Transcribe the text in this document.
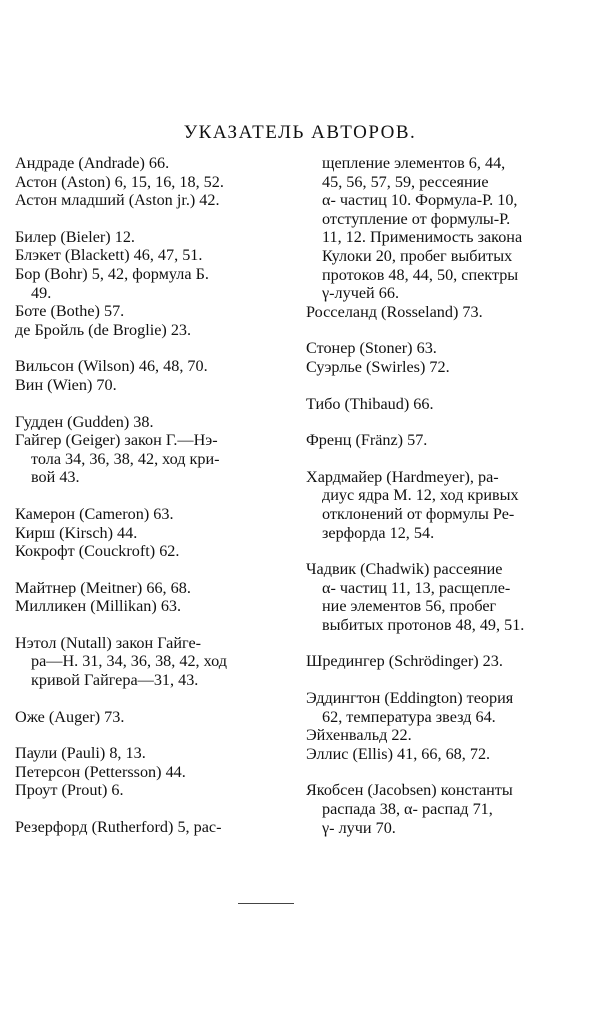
УКАЗАТЕЛЬ АВТОРОВ.
Андраде (Andrade) 66.
Астон (Aston) 6, 15, 16, 18, 52.
Астон младший (Aston jr.) 42.
Билер (Bieler) 12.
Блэкет (Blackett) 46, 47, 51.
Бор (Bohr) 5, 42, формула Б.
49.
Боте (Bothe) 57.
де Бройль (de Broglie) 23.
Вильсон (Wilson) 46, 48, 70.
Вин (Wien) 70.
Гудден (Gudden) 38.
Гайгер (Geiger) закон Г.—Нэ-
тола 34, 36, 38, 42, ход кри-
вой 43.
Камерон (Cameron) 63.
Кирш (Kirsch) 44.
Кокрофт (Couckroft) 62.
Майтнер (Meitner) 66, 68.
Милликен (Millikan) 63.
Нэтол (Nutall) закон Гайге-
ра—Н. 31, 34, 36, 38, 42, ход
кривой Гайгера—31, 43.
Оже (Auger) 73.
Паули (Pauli) 8, 13.
Петерсон (Pettersson) 44.
Проут (Prout) 6.
Резерфорд (Rutherford) 5, рас-
щепление элементов 6, 44,
45, 56, 57, 59, рессеяние
α- частиц 10. Формула-Р. 10,
отступление от формулы-Р.
11, 12. Применимость закона
Кулоки 20, пробег выбитых
протоков 48, 44, 50, спектры
γ-лучей 66.
Росселанд (Rosseland) 73.
Стонер (Stoner) 63.
Суэрлье (Swirles) 72.
Тибо (Thibaud) 66.
Френц (Fränz) 57.
Хардмайер (Hardmeyer), ра-
диус ядра М. 12, ход кривых
отклонений от формулы Ре-
зерфорда 12, 54.
Чадвик (Chadwik) рассеяние
α- частиц 11, 13, расщепле-
ние элементов 56, пробег
выбитых протонов 48, 49, 51.
Шредингер (Schrödinger) 23.
Эддингтон (Eddington) теория
62, температура звезд 64.
Эйхенвальд 22.
Эллис (Ellis) 41, 66, 68, 72.
Якобсен (Jacobsen) константы
распада 38, α- распад 71,
γ- лучи 70.
